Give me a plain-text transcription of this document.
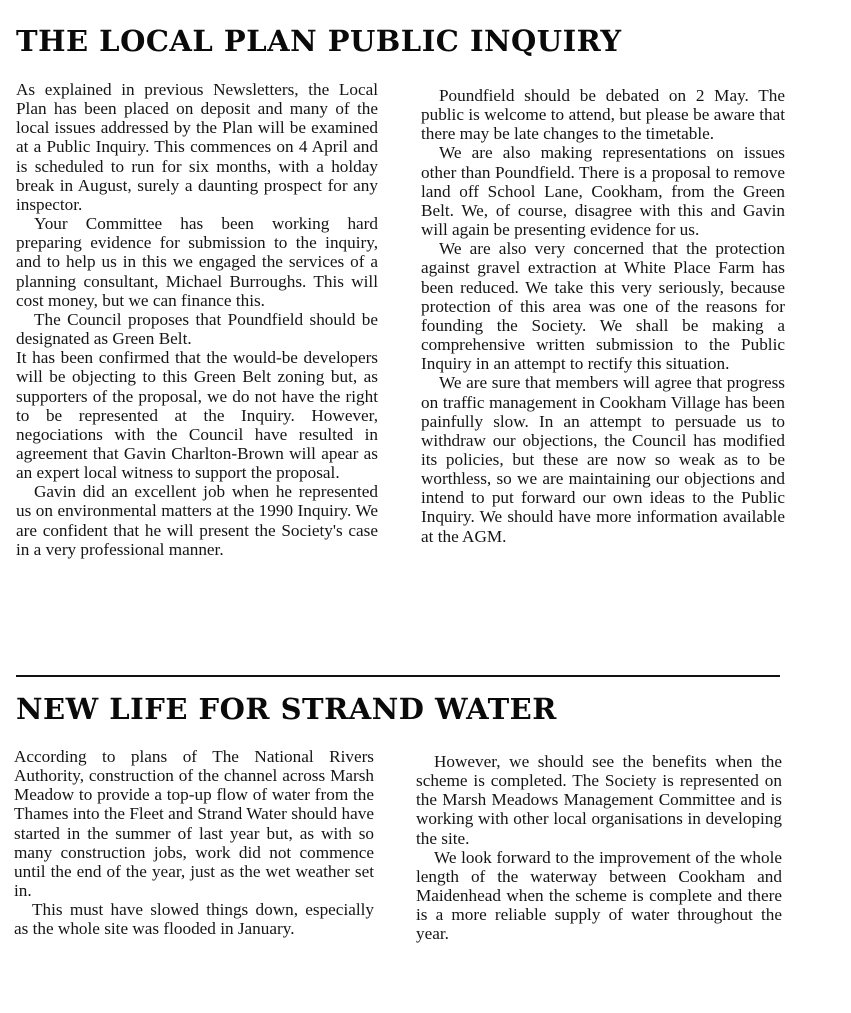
THE LOCAL PLAN PUBLIC INQUIRY

As explained in previous Newsletters, the Local Plan has been placed on deposit and many of the local issues addressed by the Plan will be examined at a Public Inquiry. This commences on 4 April and is scheduled to run for six months, with a holday break in August, surely a daunting prospect for any inspector.

Your Committee has been working hard preparing evidence for submission to the inquiry, and to help us in this we engaged the services of a planning consultant, Michael Burroughs. This will cost money, but we can finance this.

The Council proposes that Poundfield should be designated as Green Belt.

It has been confirmed that the would-be developers will be objecting to this Green Belt zoning but, as supporters of the proposal, we do not have the right to be represented at the Inquiry. However, negociations with the Council have resulted in agreement that Gavin Charlton-Brown will apear as an expert local witness to support the proposal.

Gavin did an excellent job when he represented us on environmental matters at the 1990 Inquiry. We are confident that he will present the Society's case in a very professional manner.

Poundfield should be debated on 2 May. The public is welcome to attend, but please be aware that there may be late changes to the timetable.

We are also making representations on issues other than Poundfield. There is a proposal to remove land off School Lane, Cookham, from the Green Belt. We, of course, disagree with this and Gavin will again be presenting evidence for us.

We are also very concerned that the protection against gravel extraction at White Place Farm has been reduced. We take this very seriously, because protection of this area was one of the reasons for founding the Society. We shall be making a comprehensive written submission to the Public Inquiry in an attempt to rectify this situation.

We are sure that members will agree that progress on traffic management in Cookham Village has been painfully slow. In an attempt to persuade us to withdraw our objections, the Council has modified its policies, but these are now so weak as to be worthless, so we are maintaining our objections and intend to put forward our own ideas to the Public Inquiry. We should have more information available at the AGM.

NEW LIFE FOR STRAND WATER

According to plans of The National Rivers Authority, construction of the channel across Marsh Meadow to provide a top-up flow of water from the Thames into the Fleet and Strand Water should have started in the summer of last year but, as with so many construction jobs, work did not commence until the end of the year, just as the wet weather set in.

This must have slowed things down, especially as the whole site was flooded in January.

However, we should see the benefits when the scheme is completed. The Society is represented on the Marsh Meadows Management Committee and is working with other local organisations in developing the site.

We look forward to the improvement of the whole length of the waterway between Cookham and Maidenhead when the scheme is complete and there is a more reliable supply of water throughout the year.
